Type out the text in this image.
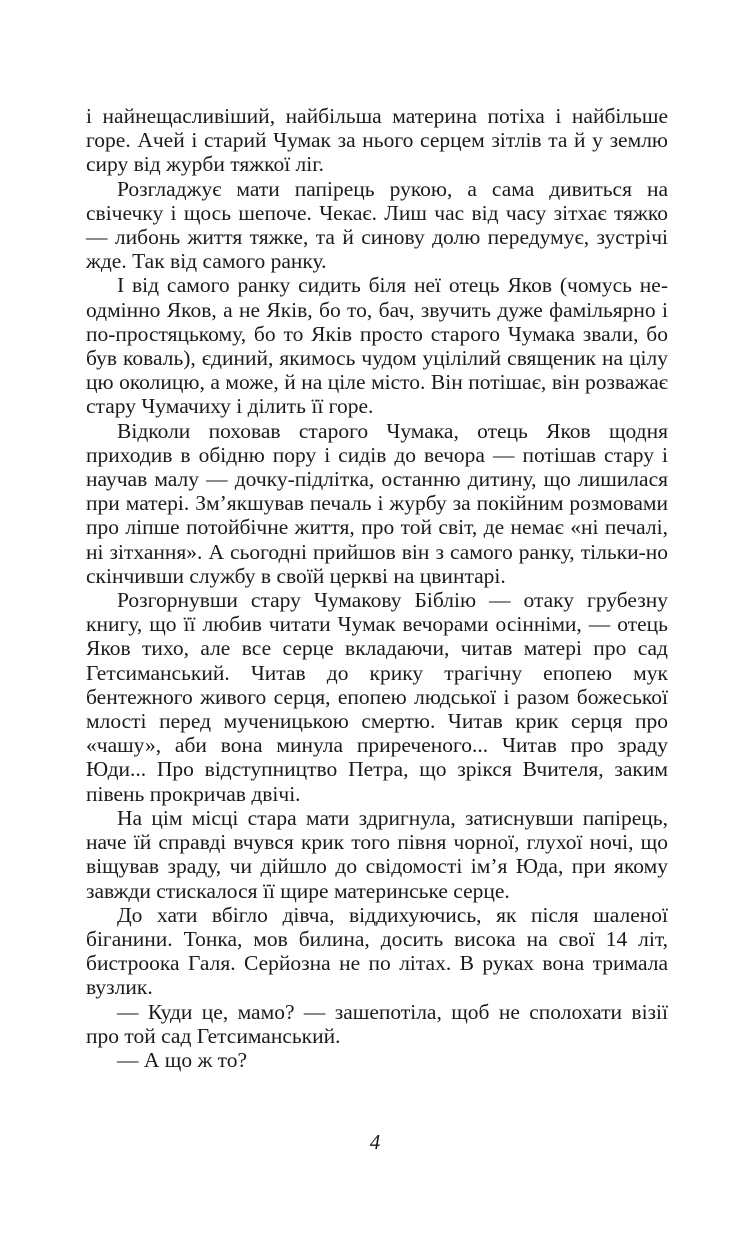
і найнещасливіший, найбільша материна потіха і найбільше горе. Ачей і старий Чумак за нього серцем зітлів та й у землю сиру від журби тяжкої ліг.

Розгладжує мати папірець рукою, а сама дивиться на свічечку і щось шепоче. Чекає. Лиш час від часу зітхає тяжко — либонь життя тяжке, та й синову долю передумує, зустрічі жде. Так від самого ранку.

І від самого ранку сидить біля неї отець Яков (чомусь неодмінно Яков, а не Яків, бо то, бач, звучить дуже фамільярно і по-простяцькому, бо то Яків просто старого Чумака звали, бо був коваль), єдиний, якимось чудом уцілілий священик на цілу цю околицю, а може, й на ціле місто. Він потішає, він розважає стару Чумачиху і ділить її горе.

Відколи поховав старого Чумака, отець Яков щодня приходив в обідню пору і сидів до вечора — потішав стару і научав малу — дочку-підлітка, останню дитину, що лишилася при матері. Зм’якшував печаль і журбу за покійним розмовами про ліпше потойбічне життя, про той світ, де немає «ні печалі, ні зітхання». А сьогодні прийшов він з самого ранку, тільки-но скінчивши службу в своїй церкві на цвинтарі.

Розгорнувши стару Чумакову Біблію — отаку грубезну книгу, що її любив читати Чумак вечорами осінніми, — отець Яков тихо, але все серце вкладаючи, читав матері про сад Гетсиманський. Читав до крику трагічну епопею мук бентежного живого серця, епопею людської і разом божеської млості перед мученицькою смертю. Читав крик серця про «чашу», аби вона минула приреченого... Читав про зраду Юди... Про відступництво Петра, що зрікся Вчителя, заким півень прокричав двічі.

На цім місці стара мати здригнула, затиснувши папірець, наче їй справді вчувся крик того півня чорної, глухої ночі, що віщував зраду, чи дійшло до свідомості ім’я Юда, при якому завжди стискалося її щире материнське серце.

До хати вбігло дівча, віддихуючись, як після шаленої біганини. Тонка, мов билина, досить висока на свої 14 літ, бистроока Галя. Серйозна не по літах. В руках вона тримала вузлик.

— Куди це, мамо? — зашепотіла, щоб не сполохати візії про той сад Гетсиманський.

— А що ж то?

4
